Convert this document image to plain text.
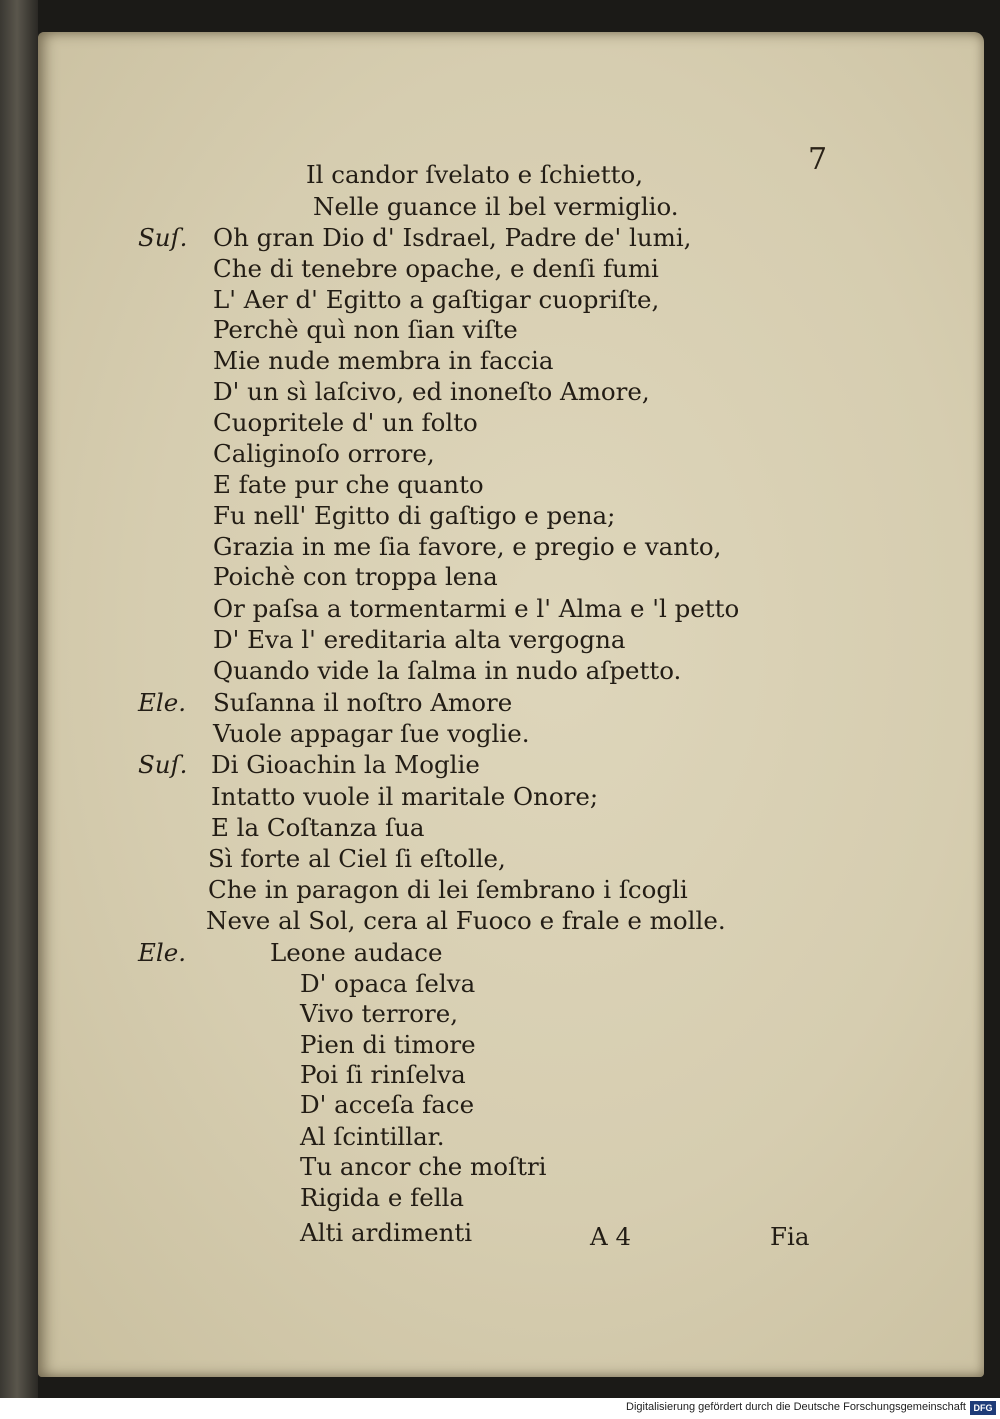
7
Il candor ſvelato e ſchietto,
Nelle guance il bel vermiglio.
Suſ. Oh gran Dio d' Isdrael, Padre de' lumi,
Che di tenebre opache, e denſi fumi
L' Aer d' Egitto a gaſtigar cuopriſte,
Perchè quì non ſian viſte
Mie nude membra in faccia
D' un sì laſcivo, ed inoneſto Amore,
Cuopritele d' un folto
Caliginoſo orrore,
E fate pur che quanto
Fu nell' Egitto di gaſtigo e pena;
Grazia in me ſia favore, e pregio e vanto,
Poichè con troppa lena
Or paſsa a tormentarmi e l' Alma e 'l petto
D' Eva l' ereditaria alta vergogna
Quando vide la ſalma in nudo aſpetto.
Ele. Suſanna il noſtro Amore
Vuole appagar ſue voglie.
Suſ. Di Gioachin la Moglie
Intatto vuole il maritale Onore;
E la Coſtanza ſua
Sì forte al Ciel ſi eſtolle,
Che in paragon di lei ſembrano i ſcogli
Neve al Sol, cera al Fuoco e frale e molle.
Ele.	Leone audace
D' opaca ſelva
Vivo terrore,
Pien di timore
Poi ſi rinſelva
D' acceſa face
Al ſcintillar.
Tu ancor che moſtri
Rigida e fella
Alti ardimenti	A 4	Fia
Digitalisierung gefördert durch die Deutsche Forschungsgemeinschaft DFG
